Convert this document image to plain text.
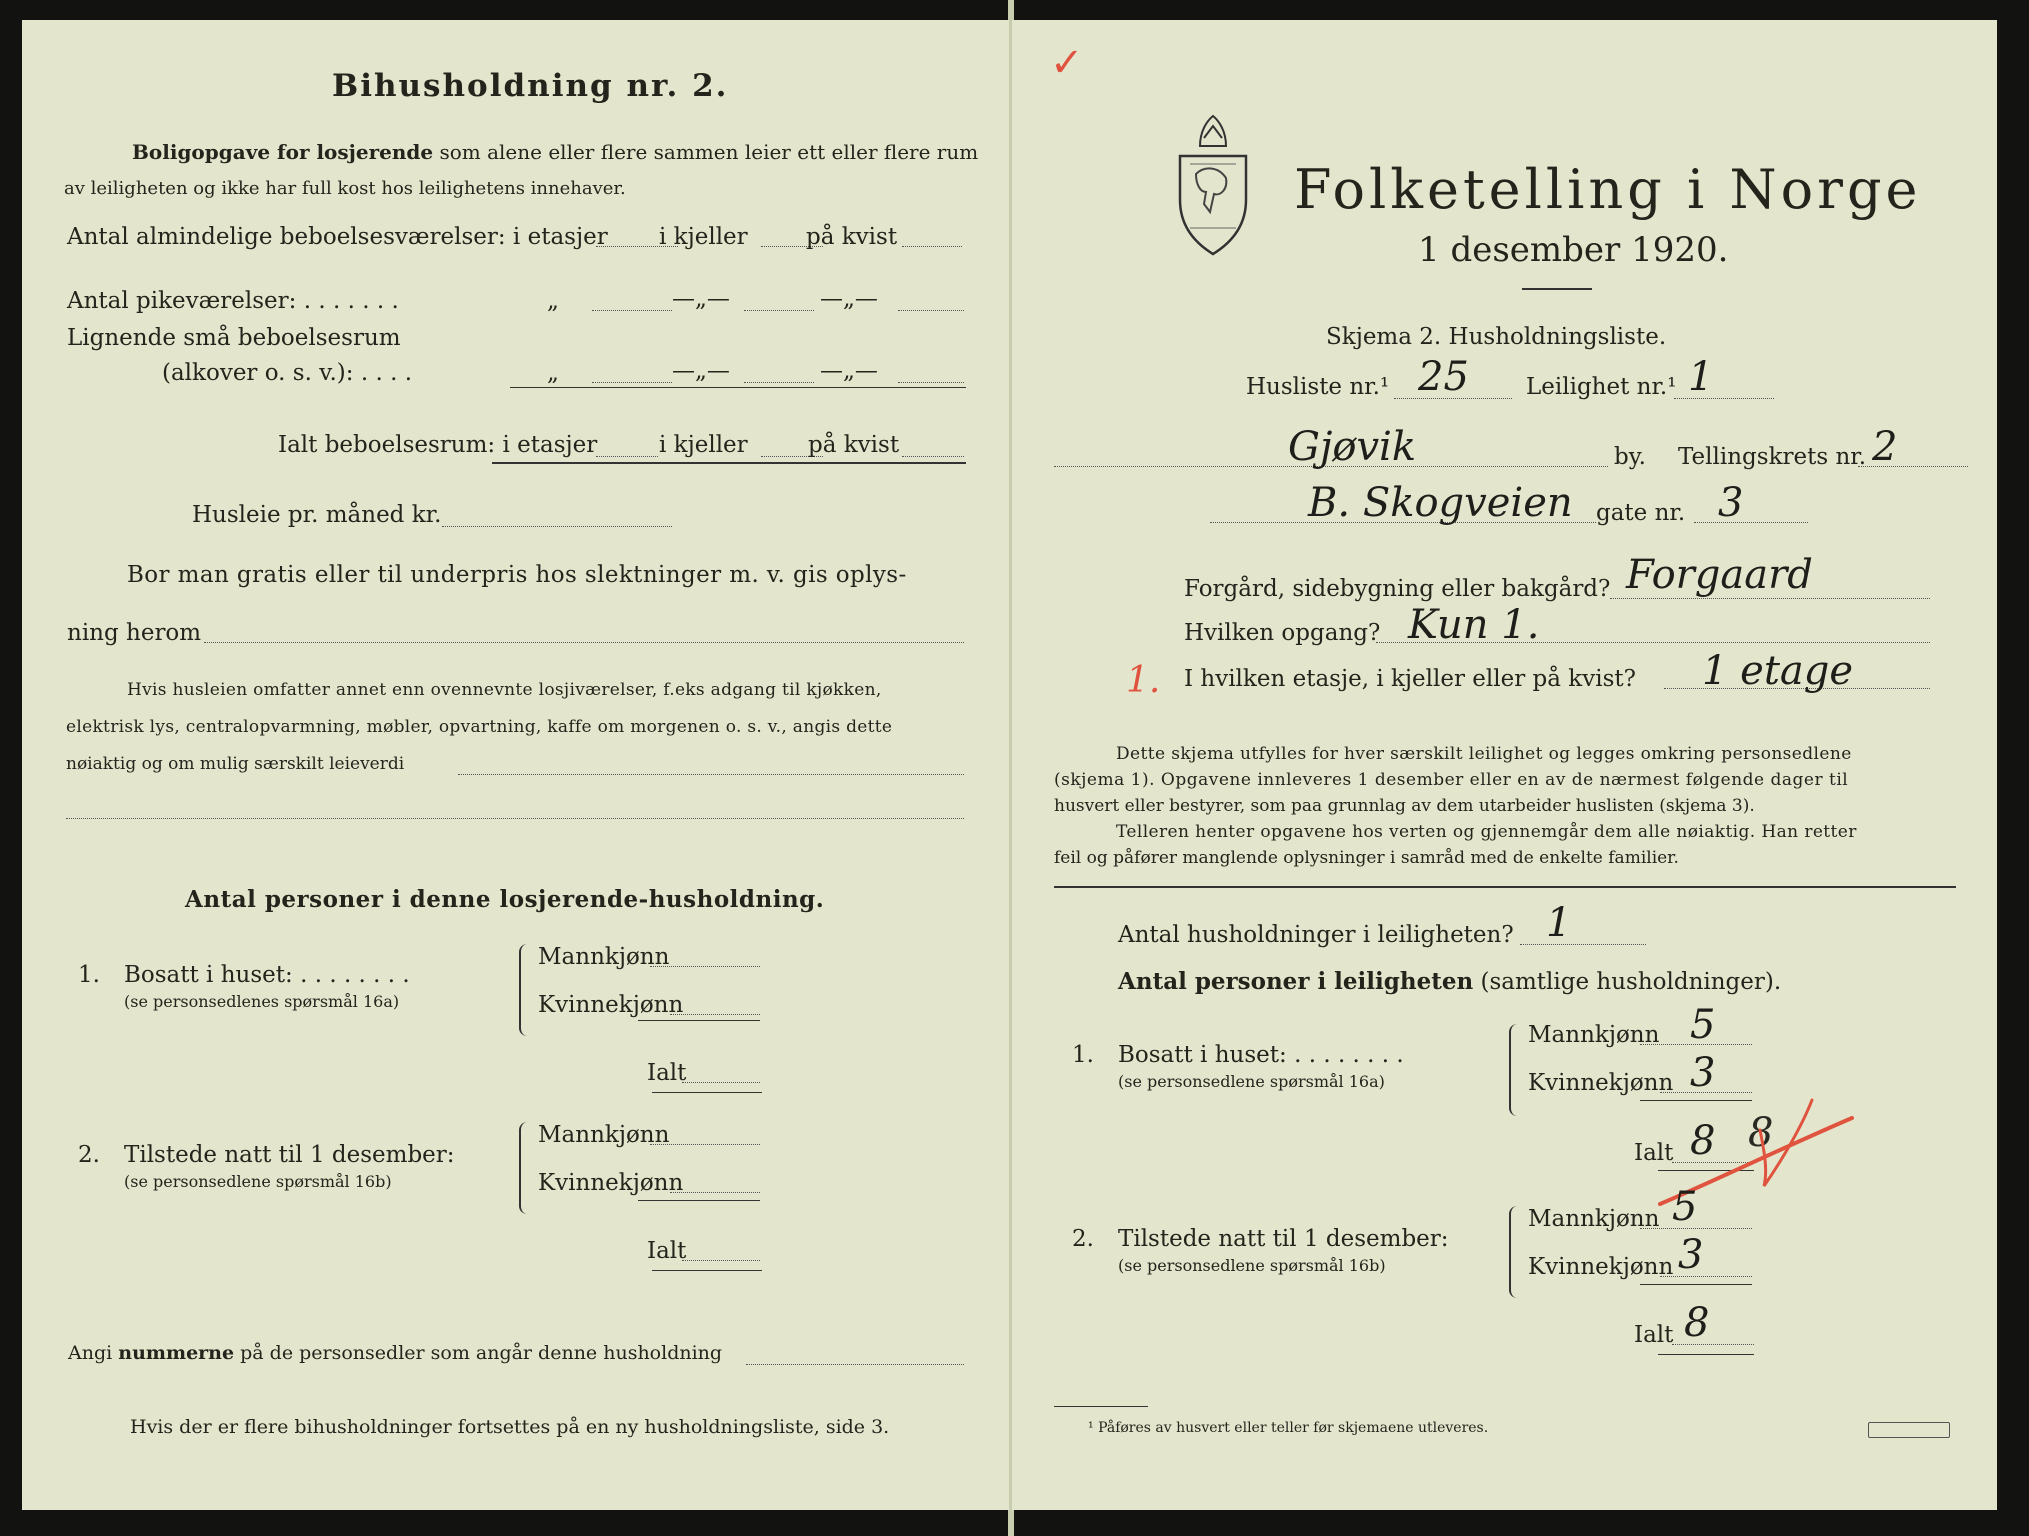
Bihusholdning nr. 2.
Boligopgave for losjerende som alene eller flere sammen leier ett eller flere rum
av leiligheten og ikke har full kost hos leilighetens innehaver.
Antal almindelige beboelsesværelser: i etasjer i kjeller	på kvist
Antal pikeværelser: . . . . . . .	„	—„—	—„—
Lignende små beboelsesrum
(alkover o. s. v.): . . . .	„	—„—	—„—
Ialt beboelsesrum: i etasjer	i kjeller	på kvist
Husleie pr. måned kr.
Bor man gratis eller til underpris hos slektninger m. v. gis oplys-
ning herom
Hvis husleien omfatter annet enn ovennevnte losjiværelser, f.eks adgang til kjøkken,
elektrisk lys, centralopvarmning, møbler, opvartning, kaffe om morgenen o. s. v., angis dette
nøiaktig og om mulig særskilt leieverdi
Antal personer i denne losjerende-husholdning.
1. Bosatt i huset: . . . . . . . .
(se personsedlenes spørsmål 16a)
Mannkjønn
Kvinnekjønn
Ialt
2. Tilstede natt til 1 desember:
(se personsedlene spørsmål 16b)
Mannkjønn
Kvinnekjønn
Ialt
Angi nummerne på de personsedler som angår denne husholdning
Hvis der er flere bihusholdninger fortsettes på en ny husholdningsliste, side 3.
✓
Folketelling i Norge
1 desember 1920.
Skjema 2. Husholdningsliste.
Husliste nr.¹ 25 Leilighet nr.¹ 1
Gjøvik	by. Tellingskrets nr. 2
B. Skogveien gate nr. 3
Forgård, sidebygning eller bakgård? Forgaard
Hvilken opgang? Kun 1.
1. I hvilken etasje, i kjeller eller på kvist? 1 etage
Dette skjema utfylles for hver særskilt leilighet og legges omkring personsedlene
(skjema 1). Opgavene innleveres 1 desember eller en av de nærmest følgende dager til
husvert eller bestyrer, som paa grunnlag av dem utarbeider huslisten (skjema 3).
Telleren henter opgavene hos verten og gjennemgår dem alle nøiaktig. Han retter
feil og påfører manglende oplysninger i samråd med de enkelte familier.
Antal husholdninger i leiligheten? 1
Antal personer i leiligheten (samtlige husholdninger).
1. Bosatt i huset: . . . . . . . .
(se personsedlene spørsmål 16a)
Mannkjønn 5
Kvinnekjønn 3
Ialt 8 8
2. Tilstede natt til 1 desember:
(se personsedlene spørsmål 16b)
Mannkjønn 5
Kvinnekjønn 3
Ialt 8
¹ Påføres av husvert eller teller før skjemaene utleveres.
